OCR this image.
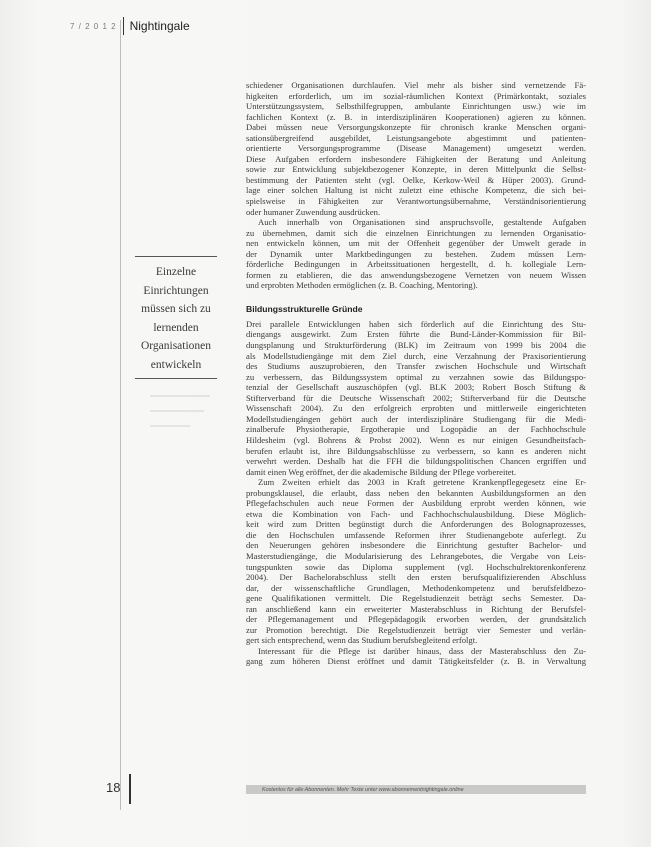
7 / 2 0 1 2 Nightingale
Einzelne
Einrichtungen
müssen sich zu
lernenden
Organisationen
entwickeln
schiedener Organisationen durchlaufen. Viel mehr als bisher sind vernetzende Fä-
higkeiten erforderlich, um im sozial-räumlichen Kontext (Primärkontakt, soziales
Unterstützungssystem, Selbsthilfegruppen, ambulante Einrichtungen usw.) wie im
fachlichen Kontext (z. B. in interdisziplinären Kooperationen) agieren zu können.
Dabei müssen neue Versorgungskonzepte für chronisch kranke Menschen organi-
sationsübergreifend ausgebildet, Leistungsangebote abgestimmt und patienten-
orientierte Versorgungsprogramme (Disease Management) umgesetzt werden.
Diese Aufgaben erfordern insbesondere Fähigkeiten der Beratung und Anleitung
sowie zur Entwicklung subjektbezogener Konzepte, in deren Mittelpunkt die Selbst-
bestimmung der Patienten steht (vgl. Oelke, Kerkow-Weil & Hüper 2003). Grund-
lage einer solchen Haltung ist nicht zuletzt eine ethische Kompetenz, die sich bei-
spielsweise in Fähigkeiten zur Verantwortungsübernahme, Verständnisorientierung
oder humaner Zuwendung ausdrücken.
Auch innerhalb von Organisationen sind anspruchsvolle, gestaltende Aufgaben
zu übernehmen, damit sich die einzelnen Einrichtungen zu lernenden Organisatio-
nen entwickeln können, um mit der Offenheit gegenüber der Umwelt gerade in
der Dynamik unter Marktbedingungen zu bestehen. Zudem müssen Lern-
förderliche Bedingungen in Arbeitssituationen hergestellt, d. h. kollegiale Lern-
formen zu etablieren, die das anwendungsbezogene Vernetzen von neuem Wissen
und erprobten Methoden ermöglichen (z. B. Coaching, Mentoring).
Bildungsstrukturelle Gründe
Drei parallele Entwicklungen haben sich förderlich auf die Einrichtung des Stu-
diengangs ausgewirkt. Zum Ersten führte die Bund-Länder-Kommission für Bil-
dungsplanung und Strukturförderung (BLK) im Zeitraum von 1999 bis 2004 die
als Modellstudiengänge mit dem Ziel durch, eine Verzahnung der Praxisorientierung
des Studiums auszuprobieren, den Transfer zwischen Hochschule und Wirtschaft
zu verbessern, das Bildungssystem optimal zu verzahnen sowie das Bildungspo-
tenzial der Gesellschaft auszuschöpfen (vgl. BLK 2003; Robert Bosch Stiftung &
Stifterverband für die Deutsche Wissenschaft 2002; Stifterverband für die Deutsche
Wissenschaft 2004). Zu den erfolgreich erprobten und mittlerweile eingerichteten
Modellstudiengängen gehört auch der interdisziplinäre Studiengang für die Medi-
zinalberufe Physiotherapie, Ergotherapie und Logopädie an der Fachhochschule
Hildesheim (vgl. Bohrens & Probst 2002). Wenn es nur einigen Gesundheitsfach-
berufen erlaubt ist, ihre Bildungsabschlüsse zu verbessern, so kann es anderen nicht
verwehrt werden. Deshalb hat die FFH die bildungspolitischen Chancen ergriffen und
damit einen Weg eröffnet, der die akademische Bildung der Pflege vorbereitet.
Zum Zweiten erhielt das 2003 in Kraft getretene Krankenpflegegesetz eine Er-
probungsklausel, die erlaubt, dass neben den bekannten Ausbildungsformen an den
Pflegefachschulen auch neue Formen der Ausbildung erprobt werden können, wie
etwa die Kombination von Fach- und Fachhochschulausbildung. Diese Möglich-
keit wird zum Dritten begünstigt durch die Anforderungen des Bolognaprozesses,
die den Hochschulen umfassende Reformen ihrer Studienangebote auferlegt. Zu
den Neuerungen gehören insbesondere die Einrichtung gestufter Bachelor- und
Masterstudiengänge, die Modularisierung des Lehrangebotes, die Vergabe von Leis-
tungspunkten sowie das Diploma supplement (vgl. Hochschulrektorenkonferenz
2004). Der Bachelorabschluss stellt den ersten berufsqualifizierenden Abschluss
dar, der wissenschaftliche Grundlagen, Methodenkompetenz und berufsfeldbezo-
gene Qualifikationen vermittelt. Die Regelstudienzeit beträgt sechs Semester. Da-
ran anschließend kann ein erweiterter Masterabschluss in Richtung der Berufsfel-
der Pflegemanagement und Pflegepädagogik erworben werden, der grundsätzlich
zur Promotion berechtigt. Die Regelstudienzeit beträgt vier Semester und verlän-
gert sich entsprechend, wenn das Studium berufsbegleitend erfolgt.
Interessant für die Pflege ist darüber hinaus, dass der Masterabschluss den Zu-
gang zum höheren Dienst eröffnet und damit Tätigkeitsfelder (z. B. in Verwaltung
Kostenlos für alle Abonnenten. Mehr Texte unter www.abonnementnightingale.online
18
